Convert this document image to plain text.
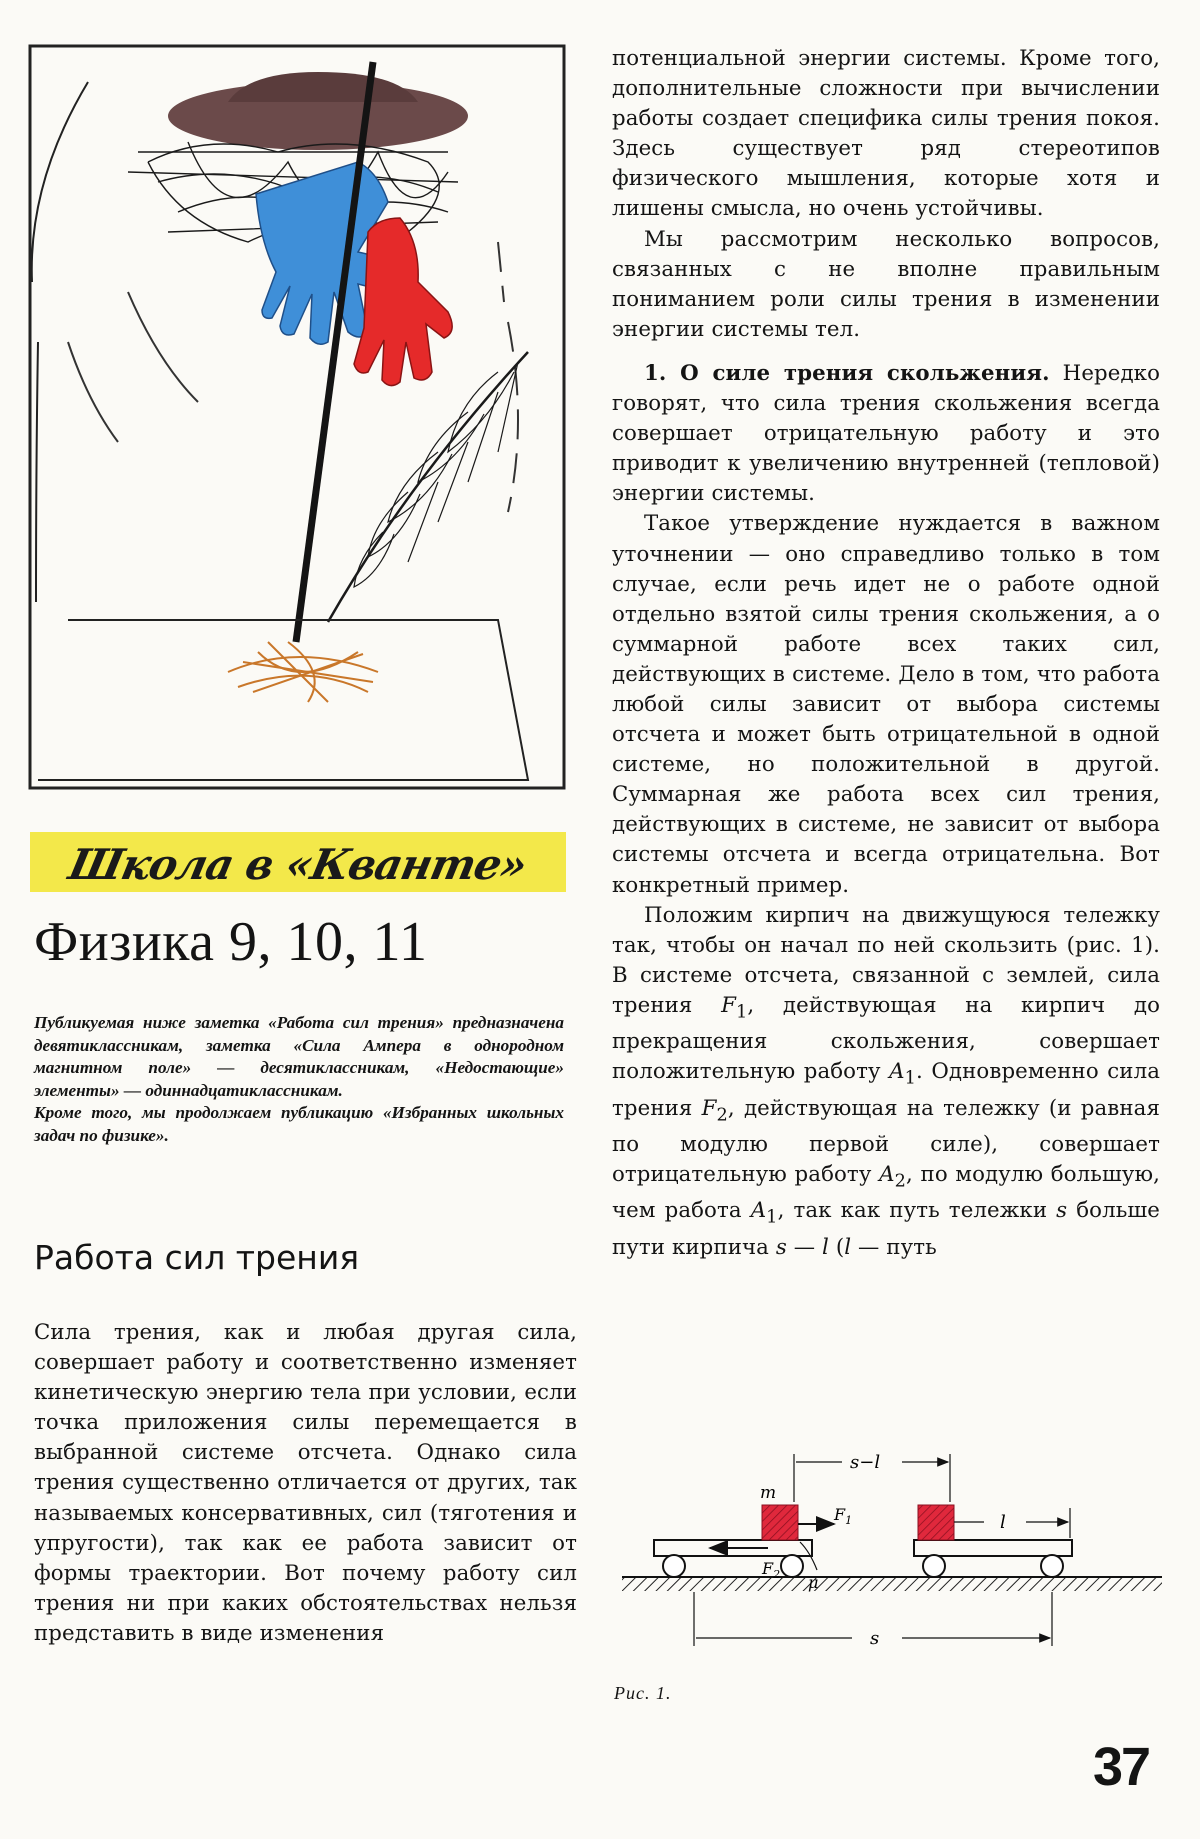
Школа в «Кванте»
Физика 9, 10, 11

Публикуемая ниже заметка «Работа сил трения» предназначена девятиклассникам, заметка «Сила Ампера в однородном магнитном поле» — десятиклассникам, «Недостающие» элементы» — одиннадцатиклассникам.

Кроме того, мы продолжаем публикацию «Избранных школьных задач по физике».

Работа сил трения

Сила трения, как и любая другая сила, совершает работу и соответственно изменяет кинетическую энергию тела при условии, если точка приложения силы перемещается в выбранной системе отсчета. Однако сила трения существенно отличается от других, так называемых консервативных, сил (тяготения и упругости), так как ее работа зависит от формы траектории. Вот почему работу сил трения ни при каких обстоятельствах нельзя представить в виде изменения

потенциальной энергии системы. Кроме того, дополнительные сложности при вычислении работы создает специфика силы трения покоя. Здесь существует ряд стереотипов физического мышления, которые хотя и лишены смысла, но очень устойчивы.

Мы рассмотрим несколько вопросов, связанных с не вполне правильным пониманием роли силы трения в изменении энергии системы тел.

1. О силе трения скольжения. Нередко говорят, что сила трения скольжения всегда совершает отрицательную работу и это приводит к увеличению внутренней (тепловой) энергии системы.

Такое утверждение нуждается в важном уточнении — оно справедливо только в том случае, если речь идет не о работе одной отдельно взятой силы трения скольжения, а о суммарной работе всех таких сил, действующих в системе. Дело в том, что работа любой силы зависит от выбора системы отсчета и может быть отрицательной в одной системе, но положительной в другой. Суммарная же работа всех сил трения, действующих в системе, не зависит от выбора системы отсчета и всегда отрицательна. Вот конкретный пример.

Положим кирпич на движущуюся тележку так, чтобы он начал по ней скользить (рис. 1). В системе отсчета, связанной с землей, сила трения $F_1$, действующая на кирпич до прекращения скольжения, совершает положительную работу $A_1$. Одновременно сила трения $F_2$, действующая на тележку (и равная по модулю первой силе), совершает отрицательную работу $A_2$, по модулю большую, чем работа $A_1$, так как путь тележки s больше пути кирпича s — l (l — путь

s−l
m
$F_1$
$F_2$ μ
l
s
Рис. 1.
37
